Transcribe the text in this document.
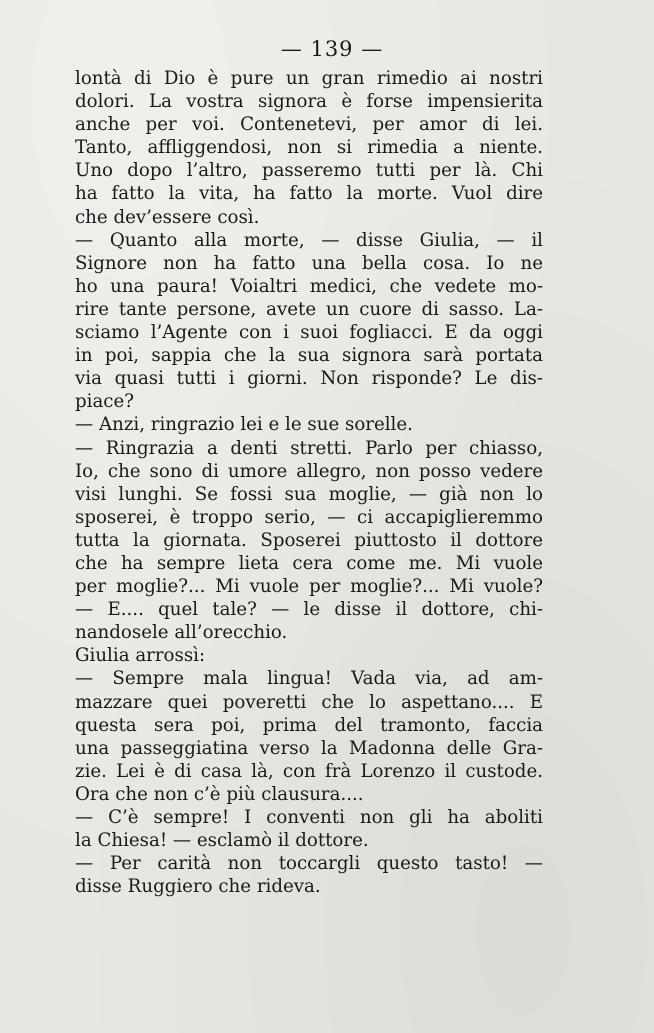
— 139 —

lontà di Dio è pure un gran rimedio ai nostri
dolori. La vostra signora è forse impensierita
anche per voi. Contenetevi, per amor di lei.
Tanto, affliggendosi, non si rimedia a niente.
Uno dopo l’altro, passeremo tutti per là. Chi
ha fatto la vita, ha fatto la morte. Vuol dire
che dev’essere così.
— Quanto alla morte, — disse Giulia, — il
Signore non ha fatto una bella cosa. Io ne
ho una paura! Voialtri medici, che vedete mo-
rire tante persone, avete un cuore di sasso. La-
sciamo l’Agente con i suoi fogliacci. E da oggi
in poi, sappia che la sua signora sarà portata
via quasi tutti i giorni. Non risponde? Le dis-
piace?
— Anzi, ringrazio lei e le sue sorelle.
— Ringrazia a denti stretti. Parlo per chiasso,
Io, che sono di umore allegro, non posso vedere
visi lunghi. Se fossi sua moglie, — già non lo
sposerei, è troppo serio, — ci accapiglieremmo
tutta la giornata. Sposerei piuttosto il dottore
che ha sempre lieta cera come me. Mi vuole
per moglie?... Mi vuole per moglie?... Mi vuole?
— E.... quel tale? — le disse il dottore, chi-
nandosele all’orecchio.
Giulia arrossì:
— Sempre mala lingua! Vada via, ad am-
mazzare quei poveretti che lo aspettano.... E
questa sera poi, prima del tramonto, faccia
una passeggiatina verso la Madonna delle Gra-
zie. Lei è di casa là, con frà Lorenzo il custode.
Ora che non c’è più clausura....
— C’è sempre! I conventi non gli ha aboliti
la Chiesa! — esclamò il dottore.
— Per carità non toccargli questo tasto! —
disse Ruggiero che rideva.
